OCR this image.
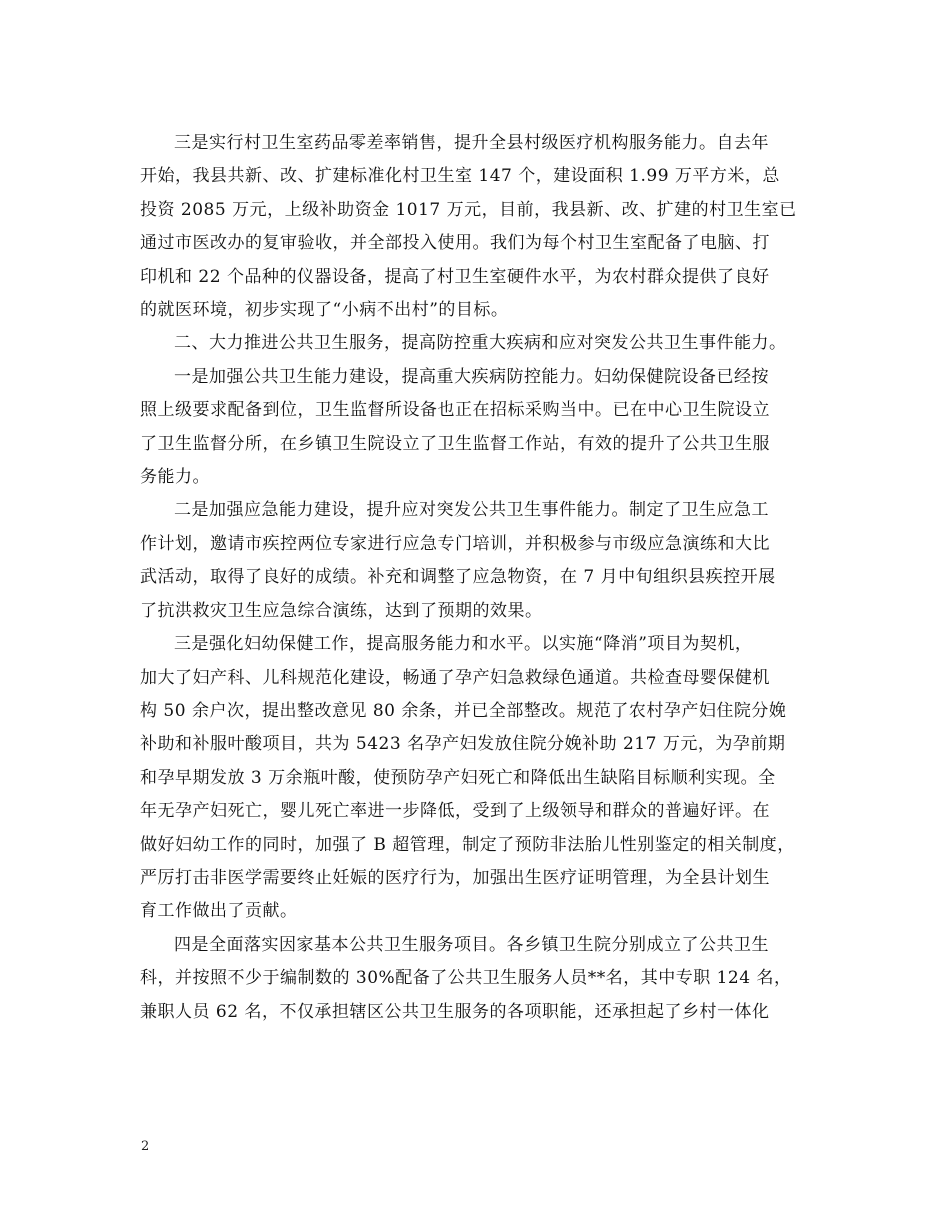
三是实行村卫生室药品零差率销售，提升全县村级医疗机构服务能力。自去年

开始，我县共新、改、扩建标准化村卫生室 147 个，建设面积 1.99 万平方米，总

投资 2085 万元，上级补助资金 1017 万元，目前，我县新、改、扩建的村卫生室已

通过市医改办的复审验收，并全部投入使用。我们为每个村卫生室配备了电脑、打

印机和 22 个品种的仪器设备，提高了村卫生室硬件水平，为农村群众提供了良好

的就医环境，初步实现了“小病不出村”的目标。

二、大力推进公共卫生服务，提高防控重大疾病和应对突发公共卫生事件能力。

一是加强公共卫生能力建设，提高重大疾病防控能力。妇幼保健院设备已经按

照上级要求配备到位，卫生监督所设备也正在招标采购当中。已在中心卫生院设立

了卫生监督分所，在乡镇卫生院设立了卫生监督工作站，有效的提升了公共卫生服

务能力。

二是加强应急能力建设，提升应对突发公共卫生事件能力。制定了卫生应急工

作计划，邀请市疾控两位专家进行应急专门培训，并积极参与市级应急演练和大比

武活动，取得了良好的成绩。补充和调整了应急物资，在 7 月中旬组织县疾控开展

了抗洪救灾卫生应急综合演练，达到了预期的效果。

三是强化妇幼保健工作，提高服务能力和水平。以实施“降消”项目为契机，

加大了妇产科、儿科规范化建设，畅通了孕产妇急救绿色通道。共检查母婴保健机

构 50 余户次，提出整改意见 80 余条，并已全部整改。规范了农村孕产妇住院分娩

补助和补服叶酸项目，共为 5423 名孕产妇发放住院分娩补助 217 万元，为孕前期

和孕早期发放 3 万余瓶叶酸，使预防孕产妇死亡和降低出生缺陷目标顺利实现。全

年无孕产妇死亡，婴儿死亡率进一步降低，受到了上级领导和群众的普遍好评。在

做好妇幼工作的同时，加强了 B 超管理，制定了预防非法胎儿性别鉴定的相关制度，

严厉打击非医学需要终止妊娠的医疗行为，加强出生医疗证明管理，为全县计划生

育工作做出了贡献。

四是全面落实因家基本公共卫生服务项目。各乡镇卫生院分别成立了公共卫生

科，并按照不少于编制数的 30%配备了公共卫生服务人员**名，其中专职 124 名，

兼职人员 62 名，不仅承担辖区公共卫生服务的各项职能，还承担起了乡村一体化

2
